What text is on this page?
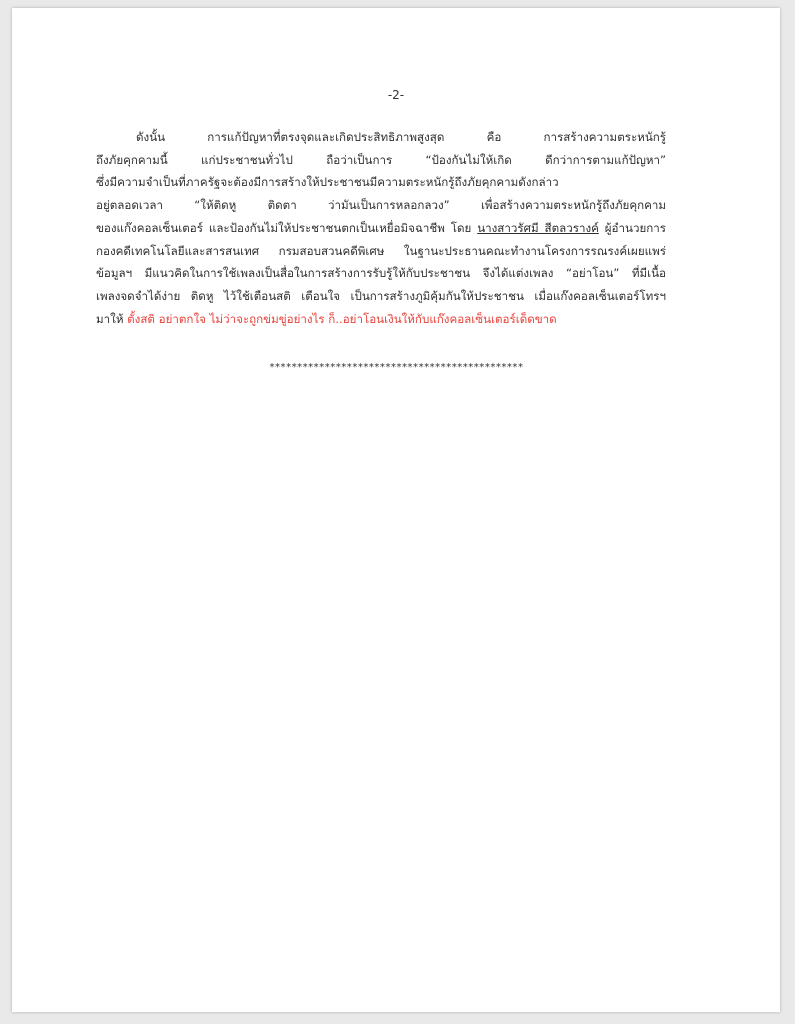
-2-
ดังนั้น การแก้ปัญหาที่ตรงจุดและเกิดประสิทธิภาพสูงสุด คือ การสร้างความตระหนักรู้
ถึงภัยคุกคามนี้ แก่ประชาชนทั่วไป ถือว่าเป็นการ “ป้องกันไม่ให้เกิด ดีกว่าการตามแก้ปัญหา”
ซึ่งมีความจำเป็นที่ภาครัฐจะต้องมีการสร้างให้ประชาชนมีความตระหนักรู้ถึงภัยคุกคามดังกล่าว
อยู่ตลอดเวลา “ให้ติดหู ติดตา ว่ามันเป็นการหลอกลวง” เพื่อสร้างความตระหนักรู้ถึงภัยคุกคาม
ของแก๊งคอลเซ็นเตอร์ และป้องกันไม่ให้ประชาชนตกเป็นเหยื่อมิจฉาชีพ โดย นางสาวรัศมี สีตลวรางค์ ผู้อำนวยการ
กองคดีเทคโนโลยีและสารสนเทศ กรมสอบสวนคดีพิเศษ ในฐานะประธานคณะทำงานโครงการรณรงค์เผยแพร่
ข้อมูลฯ มีแนวคิดในการใช้เพลงเป็นสื่อในการสร้างการรับรู้ให้กับประชาชน จึงได้แต่งเพลง “อย่าโอน” ที่มีเนื้อ
เพลงจดจำได้ง่าย ติดหู ไว้ใช้เตือนสติ เตือนใจ เป็นการสร้างภูมิคุ้มกันให้ประชาชน เมื่อแก๊งคอลเซ็นเตอร์โทรฯ
มาให้ ตั้งสติ อย่าตกใจ ไม่ว่าจะถูกข่มขู่อย่างไร ก็..อย่าโอนเงินให้กับแก๊งคอลเซ็นเตอร์เด็ดขาด
**********************************************
